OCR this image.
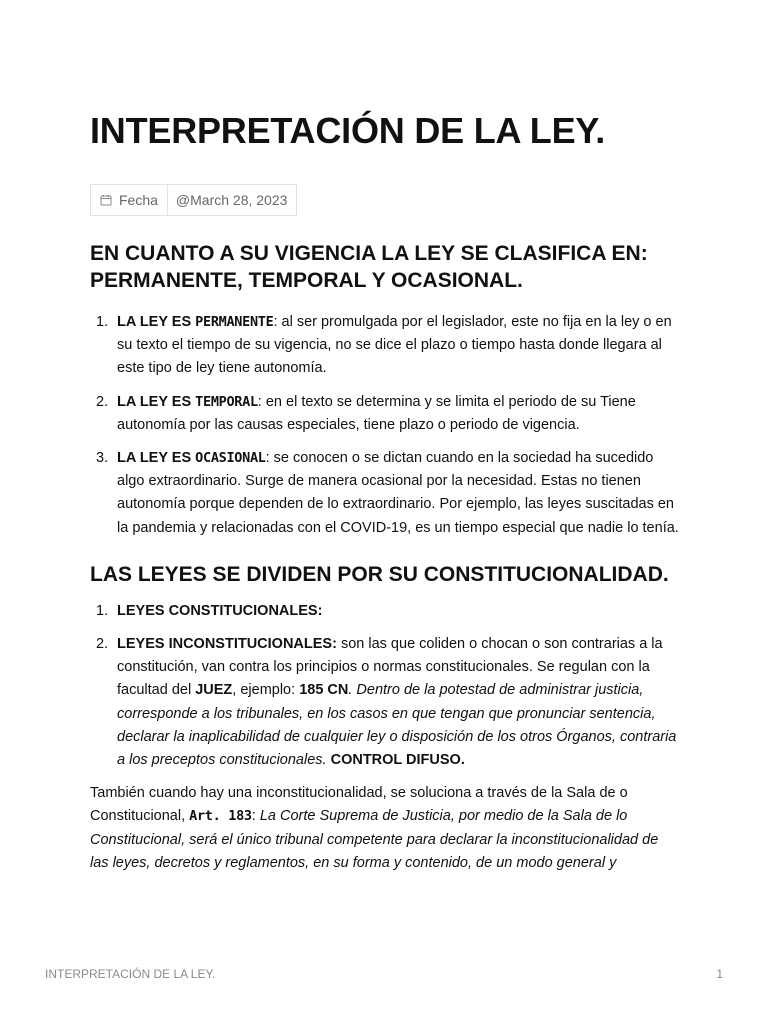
INTERPRETACIÓN DE LA LEY.
Fecha	@March 28, 2023
EN CUANTO A SU VIGENCIA LA LEY SE CLASIFICA EN: PERMANENTE, TEMPORAL Y OCASIONAL.
1. LA LEY ES PERMANENTE: al ser promulgada por el legislador, este no fija en la ley o en su texto el tiempo de su vigencia, no se dice el plazo o tiempo hasta donde llegara al este tipo de ley tiene autonomía.
2. LA LEY ES TEMPORAL: en el texto se determina y se limita el periodo de su Tiene autonomía por las causas especiales, tiene plazo o periodo de vigencia.
3. LA LEY ES OCASIONAL: se conocen o se dictan cuando en la sociedad ha sucedido algo extraordinario. Surge de manera ocasional por la necesidad. Estas no tienen autonomía porque dependen de lo extraordinario. Por ejemplo, las leyes suscitadas en la pandemia y relacionadas con el COVID-19, es un tiempo especial que nadie lo tenía.
LAS LEYES SE DIVIDEN POR SU CONSTITUCIONALIDAD.
1. LEYES CONSTITUCIONALES:
2. LEYES INCONSTITUCIONALES: son las que coliden o chocan o son contrarias a la constitución, van contra los principios o normas constitucionales. Se regulan con la facultad del JUEZ, ejemplo: 185 CN. Dentro de la potestad de administrar justicia, corresponde a los tribunales, en los casos en que tengan que pronunciar sentencia, declarar la inaplicabilidad de cualquier ley o disposición de los otros Órganos, contraria a los preceptos constitucionales. CONTROL DIFUSO.

También cuando hay una inconstitucionalidad, se soluciona a través de la Sala de o Constitucional, Art. 183: La Corte Suprema de Justicia, por medio de la Sala de lo Constitucional, será el único tribunal competente para declarar la inconstitucionalidad de las leyes, decretos y reglamentos, en su forma y contenido, de un modo general y

INTERPRETACIÓN DE LA LEY.	1
